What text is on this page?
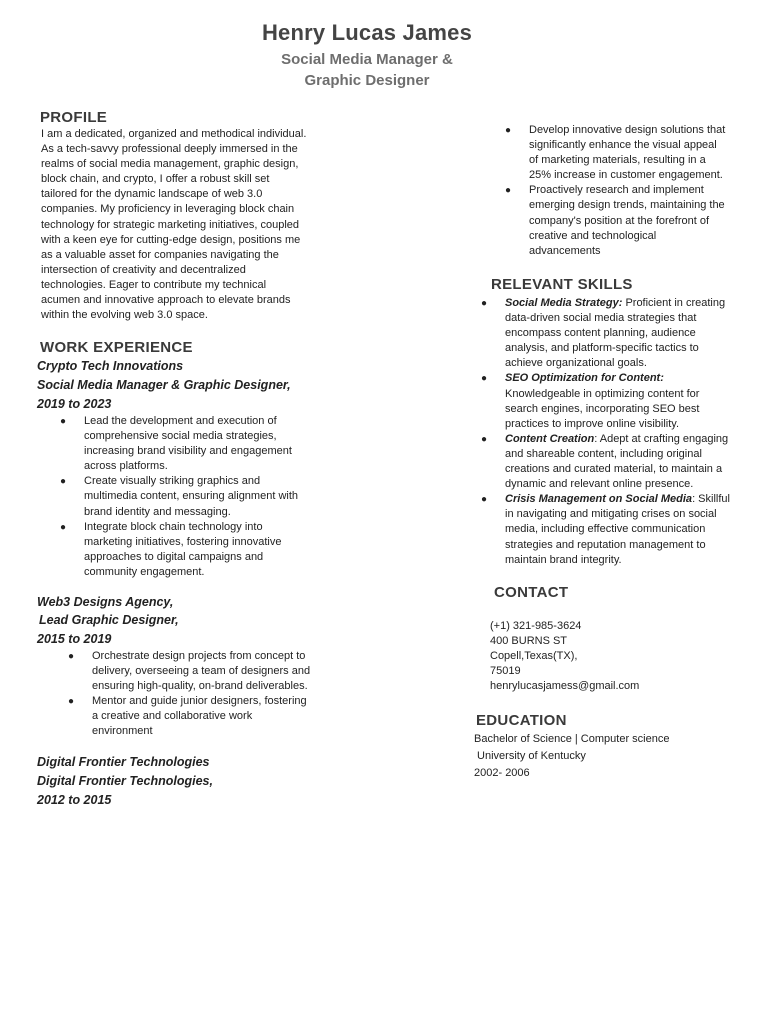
Henry Lucas James
Social Media Manager &
Graphic Designer
PROFILE
I am a dedicated, organized and methodical individual.
As a tech-savvy professional deeply immersed in the
realms of social media management, graphic design,
block chain, and crypto, I offer a robust skill set
tailored for the dynamic landscape of web 3.0
companies. My proficiency in leveraging block chain
technology for strategic marketing initiatives, coupled
with a keen eye for cutting-edge design, positions me
as a valuable asset for companies navigating the
intersection of creativity and decentralized
technologies. Eager to contribute my technical
acumen and innovative approach to elevate brands
within the evolving web 3.0 space.
WORK EXPERIENCE
Crypto Tech Innovations
Social Media Manager & Graphic Designer,
2019 to 2023
● Lead the development and execution of
comprehensive social media strategies,
increasing brand visibility and engagement
across platforms.
● Create visually striking graphics and
multimedia content, ensuring alignment with
brand identity and messaging.
● Integrate block chain technology into
marketing initiatives, fostering innovative
approaches to digital campaigns and
community engagement.
Web3 Designs Agency,
Lead Graphic Designer,
2015 to 2019
● Orchestrate design projects from concept to
delivery, overseeing a team of designers and
ensuring high-quality, on-brand deliverables.
● Mentor and guide junior designers, fostering
a creative and collaborative work
environment
Digital Frontier Technologies
Digital Frontier Technologies,
2012 to 2015
● Develop innovative design solutions that
significantly enhance the visual appeal
of marketing materials, resulting in a
25% increase in customer engagement.
● Proactively research and implement
emerging design trends, maintaining the
company's position at the forefront of
creative and technological
advancements
RELEVANT SKILLS
● Social Media Strategy: Proficient in creating
data-driven social media strategies that
encompass content planning, audience
analysis, and platform-specific tactics to
achieve organizational goals.
● SEO Optimization for Content:
Knowledgeable in optimizing content for
search engines, incorporating SEO best
practices to improve online visibility.
● Content Creation: Adept at crafting engaging
and shareable content, including original
creations and curated material, to maintain a
dynamic and relevant online presence.
● Crisis Management on Social Media: Skillful
in navigating and mitigating crises on social
media, including effective communication
strategies and reputation management to
maintain brand integrity.
CONTACT
(+1) 321-985-3624
400 BURNS ST
Copell,Texas(TX),
75019
henrylucasjamess@gmail.com
EDUCATION
Bachelor of Science | Computer science
University of Kentucky
2002- 2006
